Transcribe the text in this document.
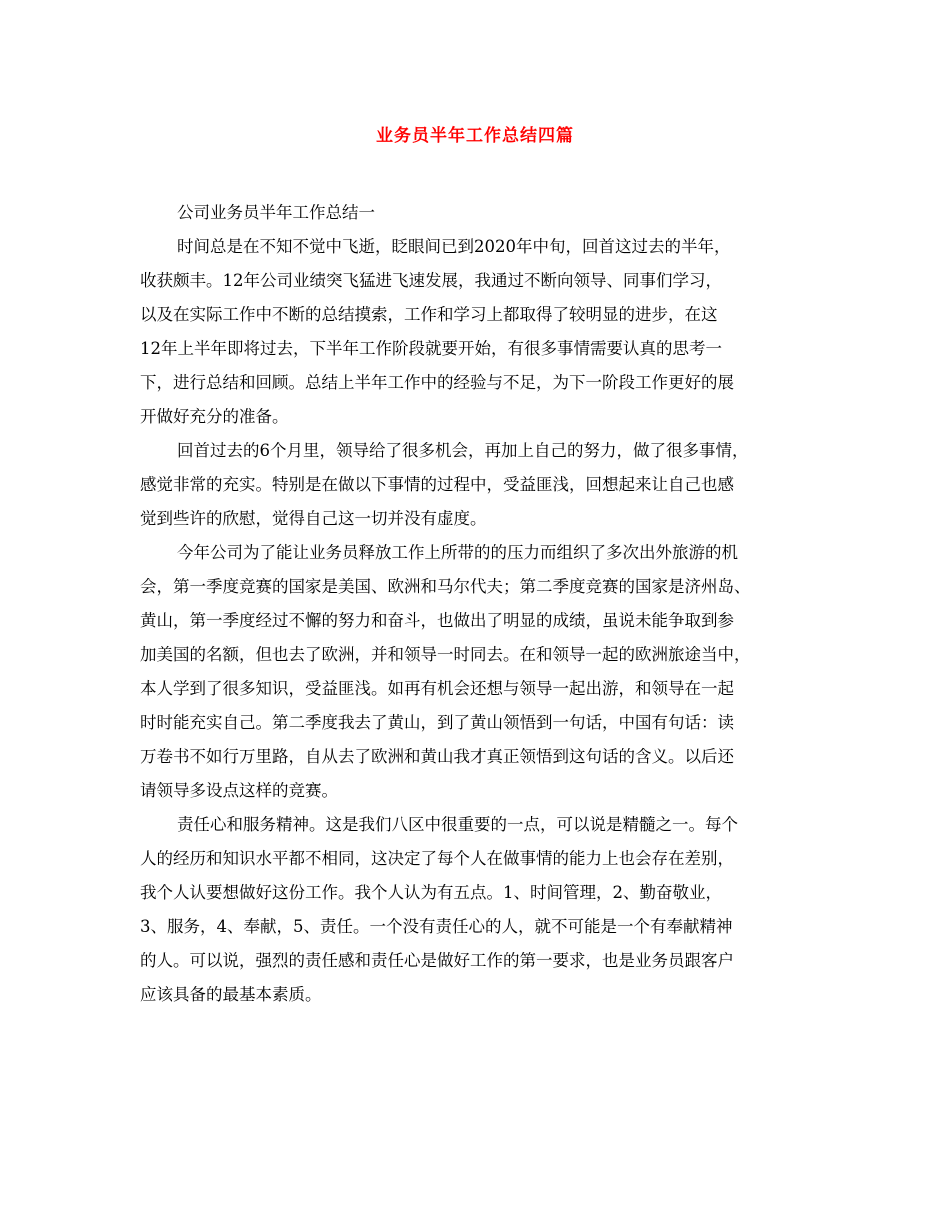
业务员半年工作总结四篇
公司业务员半年工作总结一
时间总是在不知不觉中飞逝，眨眼间已到2020年中旬，回首这过去的半年，
收获颇丰。12年公司业绩突飞猛进飞速发展，我通过不断向领导、同事们学习，
以及在实际工作中不断的总结摸索，工作和学习上都取得了较明显的进步，在这
12年上半年即将过去，下半年工作阶段就要开始，有很多事情需要认真的思考一
下，进行总结和回顾。总结上半年工作中的经验与不足，为下一阶段工作更好的展
开做好充分的准备。
回首过去的6个月里，领导给了很多机会，再加上自己的努力，做了很多事情，
感觉非常的充实。特别是在做以下事情的过程中，受益匪浅，回想起来让自己也感
觉到些许的欣慰，觉得自己这一切并没有虚度。
今年公司为了能让业务员释放工作上所带的的压力而组织了多次出外旅游的机
会，第一季度竞赛的国家是美国、欧洲和马尔代夫；第二季度竞赛的国家是济州岛、
黄山，第一季度经过不懈的努力和奋斗，也做出了明显的成绩，虽说未能争取到参
加美国的名额，但也去了欧洲，并和领导一时同去。在和领导一起的欧洲旅途当中，
本人学到了很多知识，受益匪浅。如再有机会还想与领导一起出游，和领导在一起
时时能充实自己。第二季度我去了黄山，到了黄山领悟到一句话，中国有句话：读
万卷书不如行万里路，自从去了欧洲和黄山我才真正领悟到这句话的含义。以后还
请领导多设点这样的竞赛。
责任心和服务精神。这是我们八区中很重要的一点，可以说是精髓之一。每个
人的经历和知识水平都不相同，这决定了每个人在做事情的能力上也会存在差别，
我个人认要想做好这份工作。我个人认为有五点。1、时间管理，2、勤奋敬业，
3、服务，4、奉献，5、责任。一个没有责任心的人，就不可能是一个有奉献精神
的人。可以说，强烈的责任感和责任心是做好工作的第一要求，也是业务员跟客户
应该具备的最基本素质。
